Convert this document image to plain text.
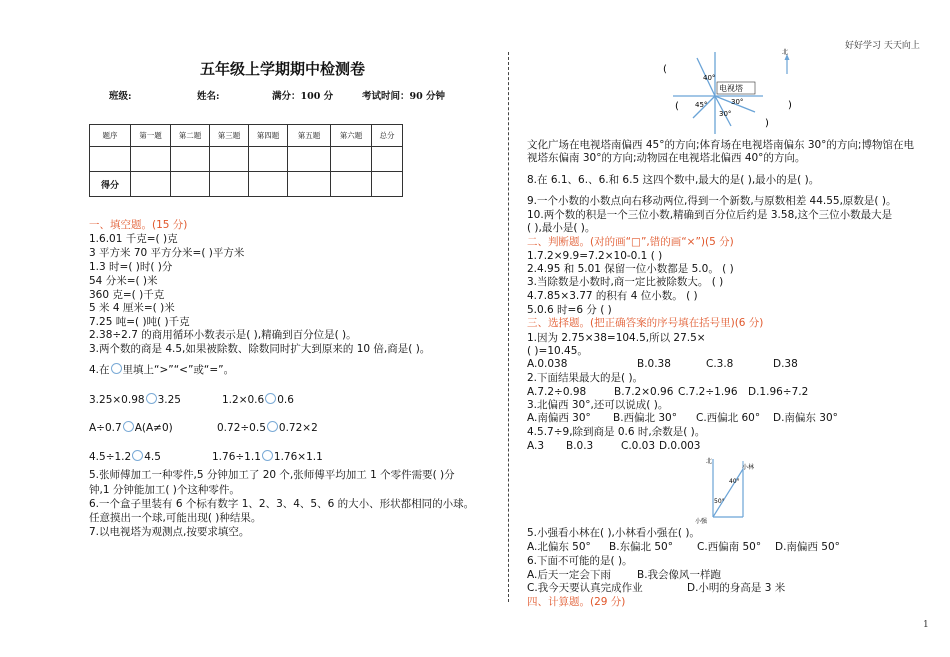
好好学习 天天向上
1
五年级上学期期中检测卷
班级:	姓名:	满分：100 分	考试时间：90 分钟
题序	第一题	第二题	第三题	第四题	第五题	第六题	总分

得分							
一、填空题。(15 分)
1.6.01 千克=( )克
3 平方米 70 平方分米=( )平方米
1.3 时=( )时( )分
54 分米=( )米
360 克=( )千克
5 米 4 厘米=( )米
7.25 吨=( )吨( )千克
2.38÷2.7 的商用循环小数表示是( ),精确到百分位是( )。
3.两个数的商是 4.5,如果被除数、除数同时扩大到原来的 10 倍,商是( )。
4.在 里填上“>”“<”或“=”。
3.25×0.98 3.25	1.2×0.6 0.6
A÷0.7 A(A≠0)	0.72÷0.5 0.72×2
4.5÷1.2 4.5	1.76÷1.1 1.76×1.1
5.张师傅加工一种零件,5 分钟加工了 20 个,张师傅平均加工 1 个零件需要( )分
钟,1 分钟能加工( )个这种零件。
6.一个盒子里装有 6 个标有数字 1、2、3、4、5、6 的大小、形状都相同的小球。
任意摸出一个球,可能出现( )种结果。
7.以电视塔为观测点,按要求填空。
(
(	)
)
电视塔
40°
45°	30°
30°
北
文化广场在电视塔南偏西 45°的方向;体育场在电视塔南偏东 30°的方向;博物馆在电
视塔东偏南 30°的方向;动物园在电视塔北偏西 40°的方向。
8.在 6.1、6.、6.和 6.5 这四个数中,最大的是( ),最小的是( )。
9.一个小数的小数点向右移动两位,得到一个新数,与原数相差 44.55,原数是( )。
10.两个数的积是一个三位小数,精确到百分位后约是 3.58,这个三位小数最大是
( ),最小是( )。
二、判断题。(对的画“□”,错的画“×”)(5 分)
1.7.2×9.9=7.2×10-0.1 ( )
2.4.95 和 5.01 保留一位小数都是 5.0。 ( )
3.当除数是小数时,商一定比被除数大。 ( )
4.7.85×3.77 的积有 4 位小数。 ( )
5.0.6 时=6 分 ( )
三、选择题。(把正确答案的序号填在括号里)(6 分)
1.因为 2.75×38=104.5,所以 27.5×
( )=10.45。
A.0.038	B.0.38	C.3.8	D.38
2.下面结果最大的是( )。
A.7.2÷0.98	B.7.2×0.96 C.7.2÷1.96 D.1.96÷7.2
3.北偏西 30°,还可以说成( )。
A.南偏西 30° B.西偏北 30° C.西偏北 60° D.南偏东 30°
4.5.7÷9,除到商是 0.6 时,余数是( )。
A.3 B.0.3	C.0.03 D.0.003
北
小林
40°
50°
小强
5.小强看小林在( ),小林看小强在( )。
A.北偏东 50° B.东偏北 50° C.西偏南 50° D.南偏西 50°
6.下面不可能的是( )。
A.后天一定会下雨 B.我会像风一样跑
C.我今天要认真完成作业	D.小明的身高是 3 米
四、计算题。(29 分)
